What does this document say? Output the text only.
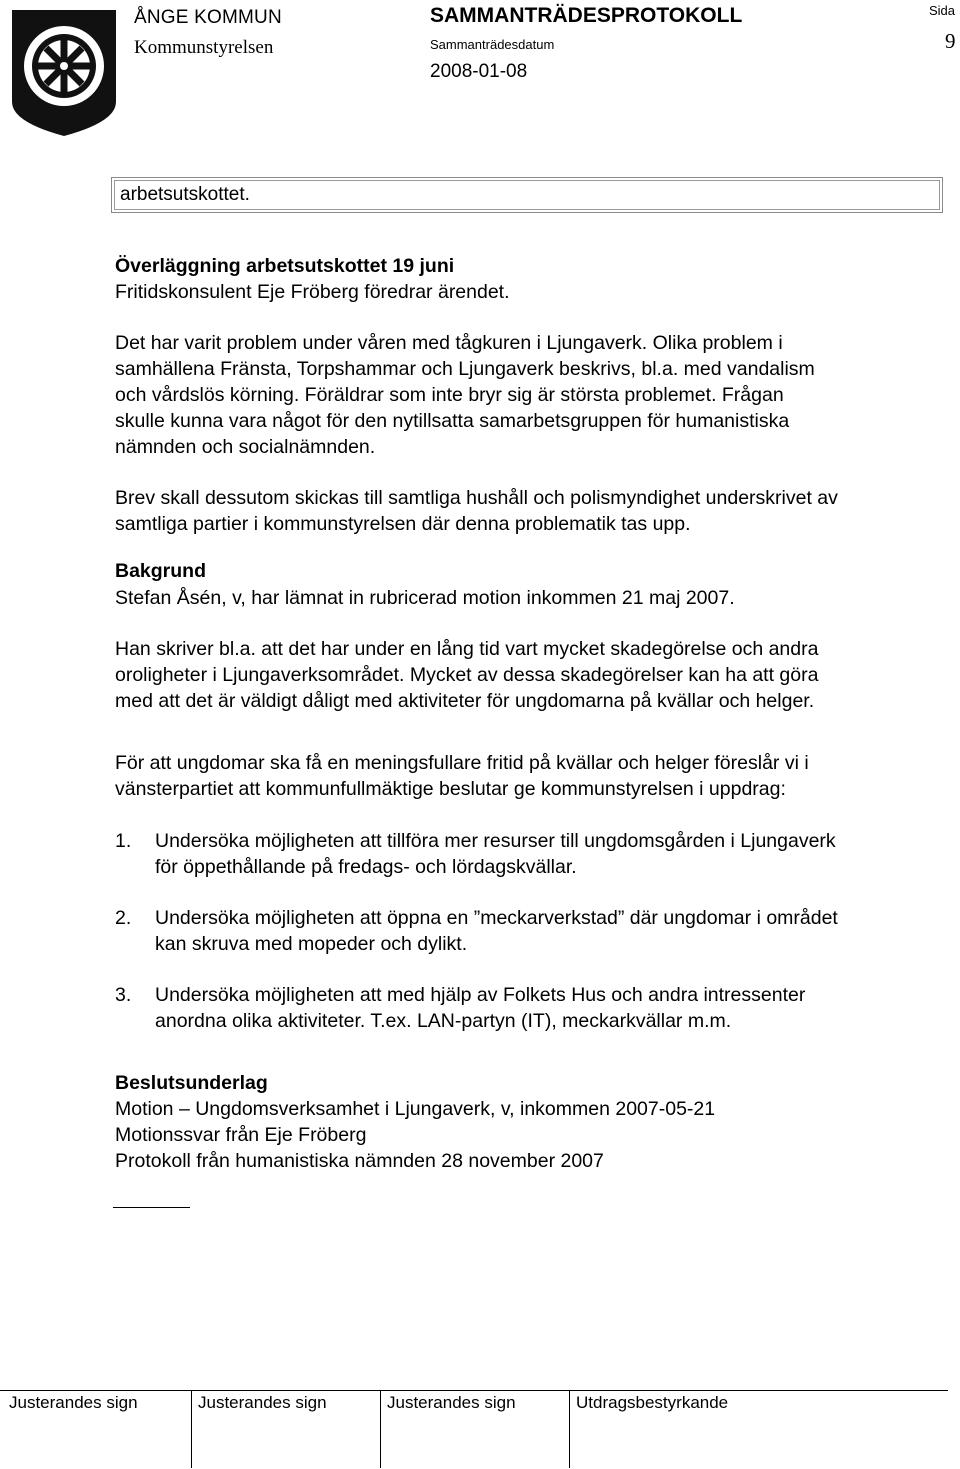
ÅNGE KOMMUN
Kommunstyrelsen
SAMMANTRÄDESPROTOKOLL
Sammanträdesdatum
2008-01-08
Sida
9
arbetsutskottet.
Överläggning arbetsutskottet 19 juni
Fritidskonsulent Eje Fröberg föredrar ärendet.
Det har varit problem under våren med tågkuren i Ljungaverk. Olika problem i
samhällena Fränsta, Torpshammar och Ljungaverk beskrivs, bl.a. med vandalism
och vårdslös körning. Föräldrar som inte bryr sig är största problemet. Frågan
skulle kunna vara något för den nytillsatta samarbetsgruppen för humanistiska
nämnden och socialnämnden.
Brev skall dessutom skickas till samtliga hushåll och polismyndighet underskrivet av
samtliga partier i kommunstyrelsen där denna problematik tas upp.
Bakgrund
Stefan Åsén, v, har lämnat in rubricerad motion inkommen 21 maj 2007.
Han skriver bl.a. att det har under en lång tid vart mycket skadegörelse och andra
oroligheter i Ljungaverksområdet. Mycket av dessa skadegörelser kan ha att göra
med att det är väldigt dåligt med aktiviteter för ungdomarna på kvällar och helger.
För att ungdomar ska få en meningsfullare fritid på kvällar och helger föreslår vi i
vänsterpartiet att kommunfullmäktige beslutar ge kommunstyrelsen i uppdrag:
1. Undersöka möjligheten att tillföra mer resurser till ungdomsgården i Ljungaverk
för öppethållande på fredags- och lördagskvällar.
2. Undersöka möjligheten att öppna en ”meckarverkstad” där ungdomar i området
kan skruva med mopeder och dylikt.
3. Undersöka möjligheten att med hjälp av Folkets Hus och andra intressenter
anordna olika aktiviteter. T.ex. LAN-partyn (IT), meckarkvällar m.m.
Beslutsunderlag
Motion – Ungdomsverksamhet i Ljungaverk, v, inkommen 2007-05-21
Motionssvar från Eje Fröberg
Protokoll från humanistiska nämnden 28 november 2007
Justerandes sign	Justerandes sign	Justerandes sign	Utdragsbestyrkande
